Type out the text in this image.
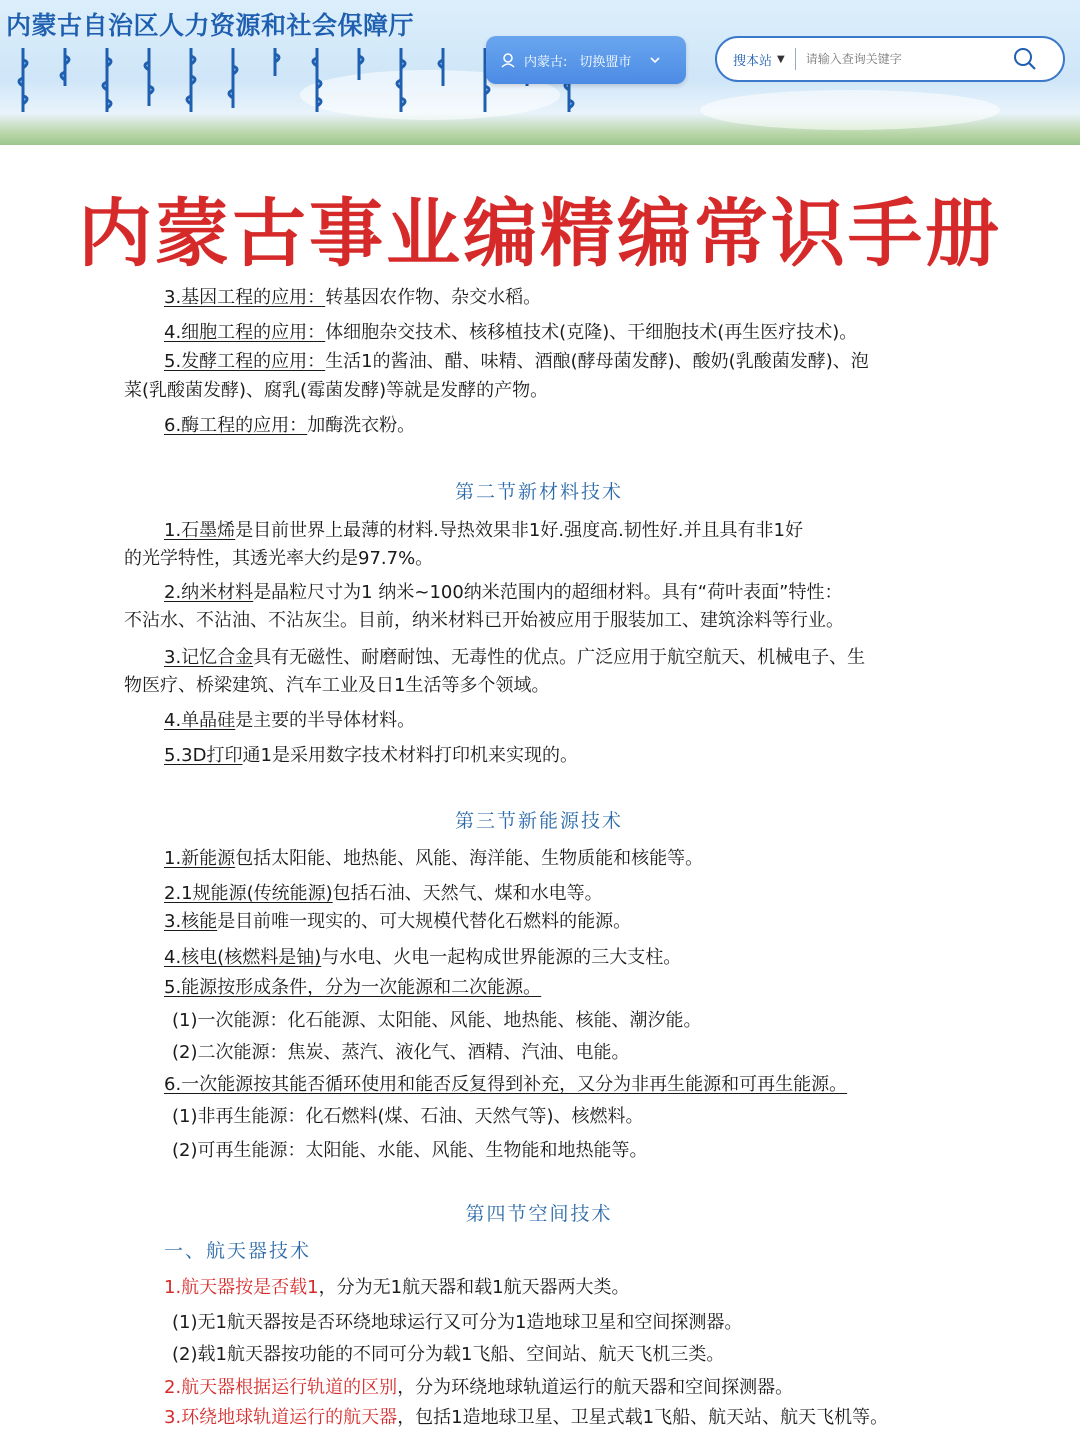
内蒙古自治区人力资源和社会保障厅
内蒙古: 切换盟市	搜本站 ▼
请输入查询关键字
内蒙古事业编精编常识手册
3.基因工程的应用：转基因农作物、杂交水稻。
4.细胞工程的应用：体细胞杂交技术、核移植技术(克隆)、干细胞技术(再生医疗技术)。
5.发酵工程的应用：生活1的酱油、醋、味精、酒酿(酵母菌发酵)、酸奶(乳酸菌发酵)、泡
菜(乳酸菌发酵)、腐乳(霉菌发酵)等就是发酵的产物。
6.酶工程的应用：加酶洗衣粉。
第二节新材料技术
1.石墨烯是目前世界上最薄的材料.导热效果非1好.强度高.韧性好.并且具有非1好
的光学特性，其透光率大约是97.7%。
2.纳米材料是晶粒尺寸为1 纳米~100纳米范围内的超细材料。具有“荷叶表面”特性：
不沾水、不沾油、不沾灰尘。目前，纳米材料已开始被应用于服装加工、建筑涂料等行业。
3.记忆合金具有无磁性、耐磨耐蚀、无毒性的优点。广泛应用于航空航天、机械电子、生
物医疗、桥梁建筑、汽车工业及日1生活等多个领域。
4.单晶硅是主要的半导体材料。
5.3D打印通1是采用数字技术材料打印机来实现的。
第三节新能源技术
1.新能源包括太阳能、地热能、风能、海洋能、生物质能和核能等。
2.1规能源(传统能源)包括石油、天然气、煤和水电等。
3.核能是目前唯一现实的、可大规模代替化石燃料的能源。
4.核电(核燃料是铀)与水电、火电一起构成世界能源的三大支柱。
5.能源按形成条件，分为一次能源和二次能源。
(1)一次能源：化石能源、太阳能、风能、地热能、核能、潮汐能。
(2)二次能源：焦炭、蒸汽、液化气、酒精、汽油、电能。
6.一次能源按其能否循环使用和能否反复得到补充，又分为非再生能源和可再生能源。
(1)非再生能源：化石燃料(煤、石油、天然气等)、核燃料。
(2)可再生能源：太阳能、水能、风能、生物能和地热能等。
第四节空间技术
一、航天器技术
1.航天器按是否载1，分为无1航天器和载1航天器两大类。
(1)无1航天器按是否环绕地球运行又可分为1造地球卫星和空间探测器。
(2)载1航天器按功能的不同可分为载1飞船、空间站、航天飞机三类。
2.航天器根据运行轨道的区别，分为环绕地球轨道运行的航天器和空间探测器。
3.环绕地球轨道运行的航天器，包括1造地球卫星、卫星式载1飞船、航天站、航天飞机等。
